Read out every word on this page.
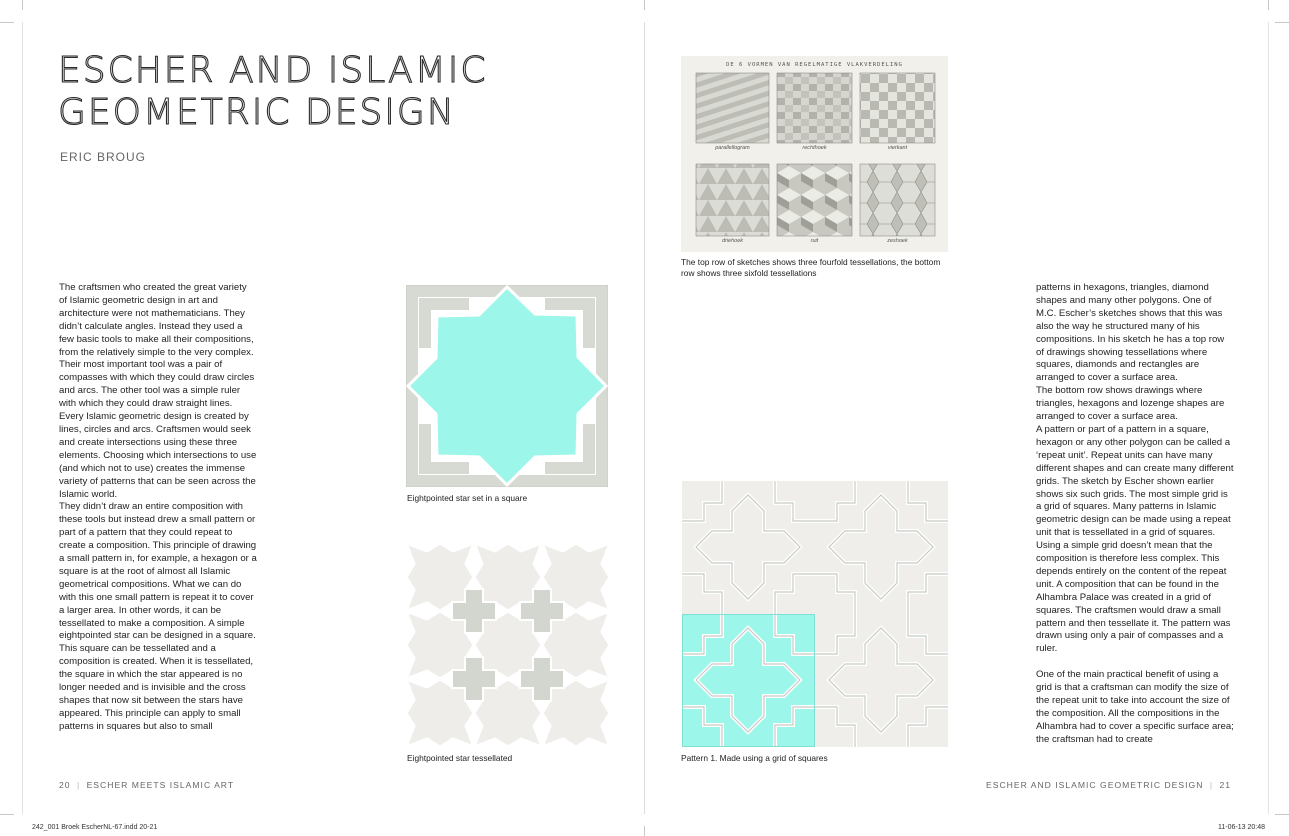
ESCHER AND ISLAMIC
GEOMETRIC DESIGN
ERIC BROUG

The craftsmen who created the great variety of Islamic geometric design in art and architecture were not mathematicians. They didn’t calculate angles. Instead they used a few basic tools to make all their compositions, from the relatively simple to the very complex. Their most important tool was a pair of compasses with which they could draw circles and arcs. The other tool was a simple ruler with which they could draw straight lines. Every Islamic geometric design is created by lines, circles and arcs. Craftsmen would seek and create intersections using these three elements. Choosing which intersections to use (and which not to use) creates the immense variety of patterns that can be seen across the Islamic world.

They didn’t draw an entire composition with these tools but instead drew a small pattern or part of a pattern that they could repeat to create a composition. This principle of drawing a small pattern in, for example, a hexagon or a square is at the root of almost all Islamic geometrical compositions. What we can do with this one small pattern is repeat it to cover a larger area. In other words, it can be tessellated to make a composition. A simple eightpointed star can be designed in a square. This square can be tessellated and a composition is created. When it is tessellated, the square in which the star appeared is no longer needed and is invisible and the cross shapes that now sit between the stars have appeared. This principle can apply to small patterns in squares but also to small

Eightpointed star set in a square
Eightpointed star tessellated
20 | ESCHER MEETS ISLAMIC ART
DE 6 VORMEN VAN REGELMATIGE VLAKVERDELING
parallellogram	rechthoek	vierkant
driehoek	ruit	zeshoek
The top row of sketches shows three fourfold tessellations, the bottom row shows three sixfold tessellations
Pattern 1. Made using a grid of squares

patterns in hexagons, triangles, diamond shapes and many other polygons. One of M.C. Escher’s sketches shows that this was also the way he structured many of his compositions. In his sketch he has a top row of drawings showing tessellations where squares, diamonds and rectangles are arranged to cover a surface area.

The bottom row shows drawings where triangles, hexagons and lozenge shapes are arranged to cover a surface area.

A pattern or part of a pattern in a square, hexagon or any other polygon can be called a ‘repeat unit’. Repeat units can have many different shapes and can create many different grids. The sketch by Escher shown earlier shows six such grids. The most simple grid is a grid of squares. Many patterns in Islamic geometric design can be made using a repeat unit that is tessellated in a grid of squares. Using a simple grid doesn’t mean that the composition is therefore less complex. This depends entirely on the content of the repeat unit. A composition that can be found in the Alhambra Palace was created in a grid of squares. The craftsmen would draw a small pattern and then tessellate it. The pattern was drawn using only a pair of compasses and a ruler.

One of the main practical benefit of using a grid is that a craftsman can modify the size of the repeat unit to take into account the size of the composition. All the compositions in the Alhambra had to cover a specific surface area; the craftsman had to create

ESCHER AND ISLAMIC GEOMETRIC DESIGN | 21
242_001 Broek EscherNL-67.indd 20-21	11-06-13 20:48
